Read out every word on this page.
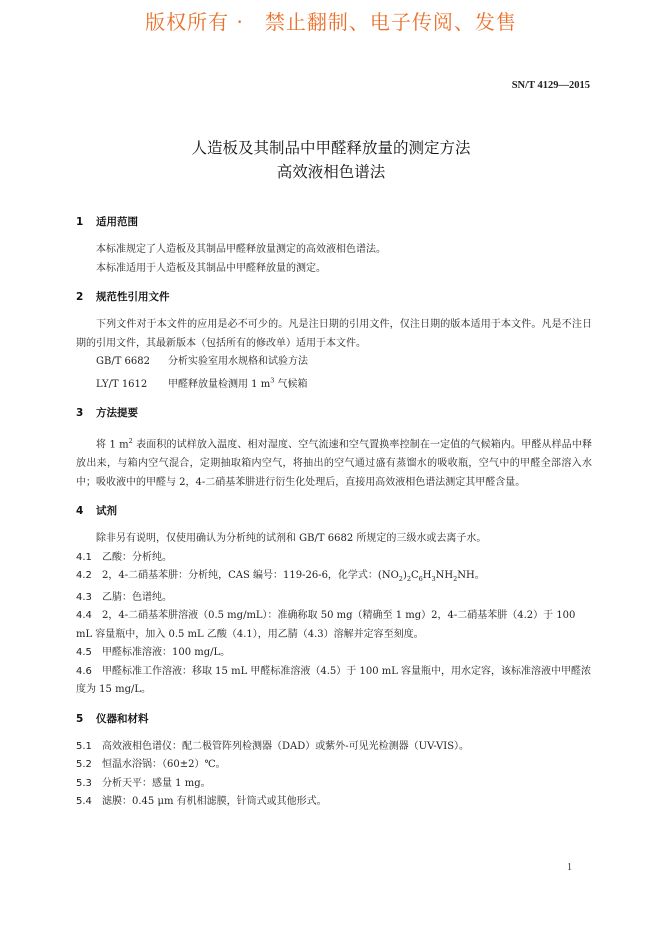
版权所有 ·　禁止翻制、电子传阅、发售
SN/T 4129—2015
人造板及其制品中甲醛释放量的测定方法
高效液相色谱法
1 适用范围

本标准规定了人造板及其制品甲醛释放量测定的高效液相色谱法。

本标准适用于人造板及其制品中甲醛释放量的测定。

2 规范性引用文件

下列文件对于本文件的应用是必不可少的。凡是注日期的引用文件，仅注日期的版本适用于本文件。凡是不注日期的引用文件，其最新版本（包括所有的修改单）适用于本文件。

GB/T 6682 分析实验室用水规格和试验方法
LY/T 1612 甲醛释放量检测用 1 $m^3$ 气候箱
3 方法提要

将 1 $m^2$ 表面积的试样放入温度、相对湿度、空气流速和空气置换率控制在一定值的气候箱内。甲醛从样品中释放出来，与箱内空气混合，定期抽取箱内空气，将抽出的空气通过盛有蒸馏水的吸收瓶，空气中的甲醛全部溶入水中；吸收液中的甲醛与 2，4-二硝基苯肼进行衍生化处理后，直接用高效液相色谱法测定其甲醛含量。

4 试剂

除非另有说明，仅使用确认为分析纯的试剂和 GB/T 6682 所规定的三级水或去离子水。

4.1 乙酸：分析纯。
4.2 2，4-二硝基苯肼：分析纯，CAS 编号：119-26-6，化学式：$(NO_2)_2C_6H_3NH_2NH$。
4.3 乙腈：色谱纯。
4.4 2，4-二硝基苯肼溶液（0.5 mg/mL）：准确称取 50 mg（精确至 1 mg）2，4-二硝基苯肼（4.2）于 100 mL 容量瓶中，加入 0.5 mL 乙酸（4.1），用乙腈（4.3）溶解并定容至刻度。
4.5 甲醛标准溶液：100 mg/L。
4.6 甲醛标准工作溶液：移取 15 mL 甲醛标准溶液（4.5）于 100 mL 容量瓶中，用水定容，该标准溶液中甲醛浓度为 15 mg/L。
5 仪器和材料
5.1 高效液相色谱仪：配二极管阵列检测器（DAD）或紫外-可见光检测器（UV-VIS）。
5.2 恒温水浴锅：（60±2）℃。
5.3 分析天平：感量 1 mg。
5.4 滤膜：0.45 μm 有机相滤膜，针筒式或其他形式。
1
